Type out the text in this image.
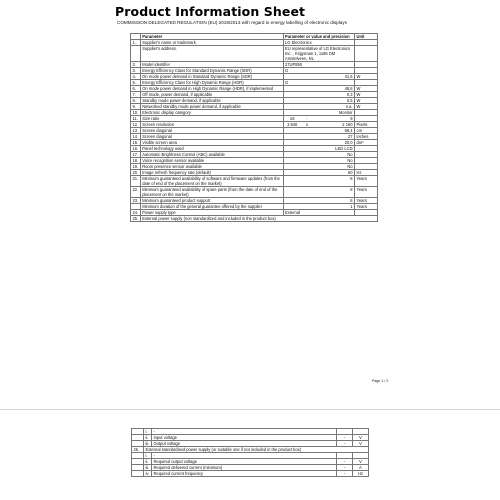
Product Information Sheet
COMMISSION DELEGATED REGULATION (EU) 2019/2013 with regard to energy labelling of electronic displays
	Parameter	Parameter or value and precision			Unit
1.	Supplier's name or trademark.	LG Electronics			
	Supplier's address.	EU representative of LG Electronics Inc. , Krijgsman 1, 1186 DM Amstelveen, NL			
2.	Model identifier	27UP850			
3.	Energy Efficiency Class for Standard Dynamic Range (SDR)	G			
4.	On mode power demand in Standard Dynamic Range (SDR)	31,6			W
5.	Energy Efficiency Class for High Dynamic Range (HDR)	G			
6.	On mode power demand in High Dynamic Range (HDR), if implemented	48,8			W
7.	Off mode, power demand, if applicable	0,3			W
8.	Standby mode power demand, if applicable	0,5			W
9.	Networked standby mode power demand, if applicable	n.a.			W
10.	Electronic display category	Monitor			
11.	Size ratio	16	:	9	
12.	Screen resolution	3 840	x	2 160	Pixels
13.	Screen diagonal	68,4			cm
14.	Screen diagonal	27			inches
15.	Visible screen area	20,0			dm²
16.	Panel technology used	LED LCD			
17.	Automatic Brightness Control (ABC) available	No			
18.	Voice recognition sensor available	No			
19.	Room presence sensor available	No			
20.	Image refresh frequency rate (default)	60			Hz
21.	Minimum guaranteed availability of software and firmware updates (from the date of end of the placement on the market)	8			Years
22.	Minimum guaranteed availability of spare parts (from the date of end of the placement on the market)	8			Years
23.	Minimum guaranteed product support	8			Years
	Minimum duration of the general guarantee offered by the supplier	1			Years
24.	Power supply type	External			
25.	External power supply (non standardized and included in the product box)				
Page 1 / 2
	i.	-		
	ii.	Input voltage	-	V
	iii.	Output voltage	-	V
26.	External standardised power supply (or suitable one if not included in the product box)			
	i.	-		
	ii.	Required output voltage	-	V
	iii.	Required delivered current (minimum)	-	A
	iv.	Required current frequency	-	Hz
